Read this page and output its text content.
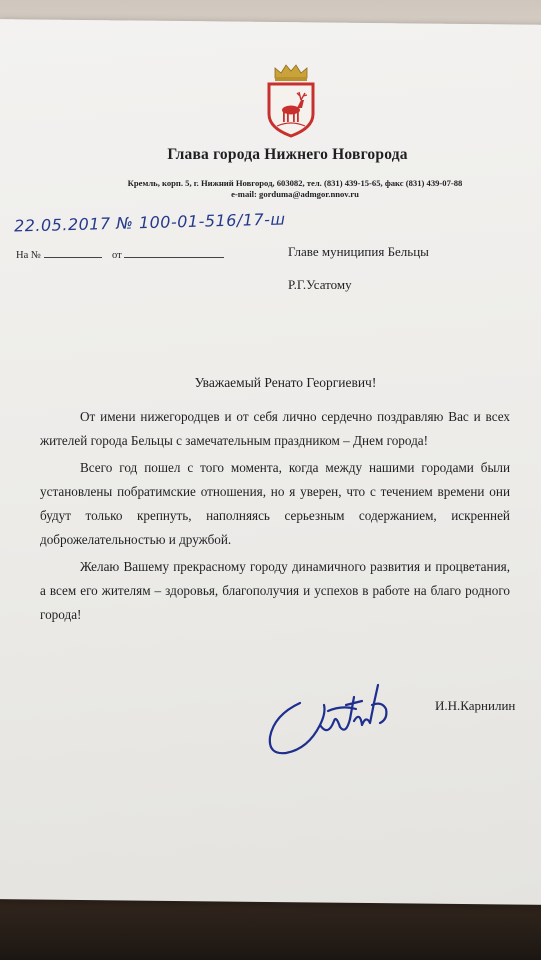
Глава города Нижнего Новгорода
Кремль, корп. 5, г. Нижний Новгород, 603082, тел. (831) 439-15-65, факс (831) 439-07-88
e-mail: gorduma@admgor.nnov.ru
22.05.2017 № 100-01-516/17-ш
На №	от	Главе муниципия Бельцы
Р.Г.Усатому
Уважаемый Ренато Георгиевич!
От имени нижегородцев и от себя лично сердечно поздравляю Вас и всех жителей города Бельцы с замечательным праздником – Днем города!
Всего год пошел с того момента, когда между нашими городами были установлены побратимские отношения, но я уверен, что с течением времени они будут только крепнуть, наполняясь серьезным содержанием, искренней доброжелательностью и дружбой.
Желаю Вашему прекрасному городу динамичного развития и процветания, а всем его жителям – здоровья, благополучия и успехов в работе на благо родного города!
И.Н.Карнилин
